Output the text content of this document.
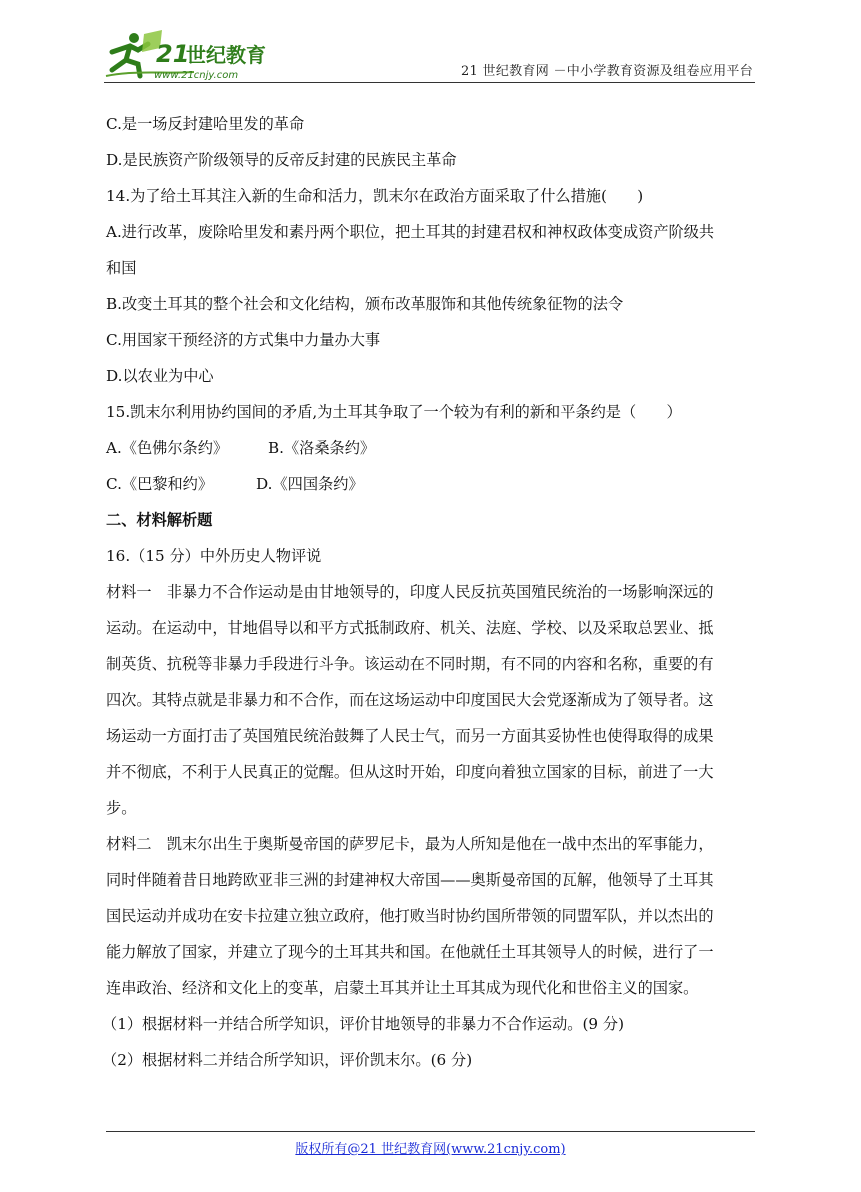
21
世纪教育
www.21cnjy.com	21 世纪教育网 －中小学教育资源及组卷应用平台

C.是一场反封建哈里发的革命

D.是民族资产阶级领导的反帝反封建的民族民主革命

14.为了给土耳其注入新的生命和活力，凯末尔在政治方面采取了什么措施(　　)

A.进行改革，废除哈里发和素丹两个职位，把土耳其的封建君权和神权政体变成资产阶级共

和国

B.改变土耳其的整个社会和文化结构，颁布改革服饰和其他传统象征物的法令

C.用国家干预经济的方式集中力量办大事

D.以农业为中心

15.凯末尔利用协约国间的矛盾,为土耳其争取了一个较为有利的新和平条约是（　　）

A.《色佛尔条约》	B.《洛桑条约》

C.《巴黎和约》	D.《四国条约》

二、材料解析题

16.（15 分）中外历史人物评说

材料一　非暴力不合作运动是由甘地领导的，印度人民反抗英国殖民统治的一场影响深远的

运动。在运动中，甘地倡导以和平方式抵制政府、机关、法庭、学校、以及采取总罢业、抵

制英货、抗税等非暴力手段进行斗争。该运动在不同时期，有不同的内容和名称，重要的有

四次。其特点就是非暴力和不合作，而在这场运动中印度国民大会党逐渐成为了领导者。这

场运动一方面打击了英国殖民统治鼓舞了人民士气，而另一方面其妥协性也使得取得的成果

并不彻底，不利于人民真正的觉醒。但从这时开始，印度向着独立国家的目标，前进了一大

步。

材料二　凯末尔出生于奥斯曼帝国的萨罗尼卡，最为人所知是他在一战中杰出的军事能力，

同时伴随着昔日地跨欧亚非三洲的封建神权大帝国——奥斯曼帝国的瓦解，他领导了土耳其

国民运动并成功在安卡拉建立独立政府，他打败当时协约国所带领的同盟军队，并以杰出的

能力解放了国家，并建立了现今的土耳其共和国。在他就任土耳其领导人的时候，进行了一

连串政治、经济和文化上的变革，启蒙土耳其并让土耳其成为现代化和世俗主义的国家。

（1）根据材料一并结合所学知识，评价甘地领导的非暴力不合作运动。(9 分)

（2）根据材料二并结合所学知识，评价凯末尔。(6 分)

版权所有@21 世纪教育网(www.21cnjy.com)
